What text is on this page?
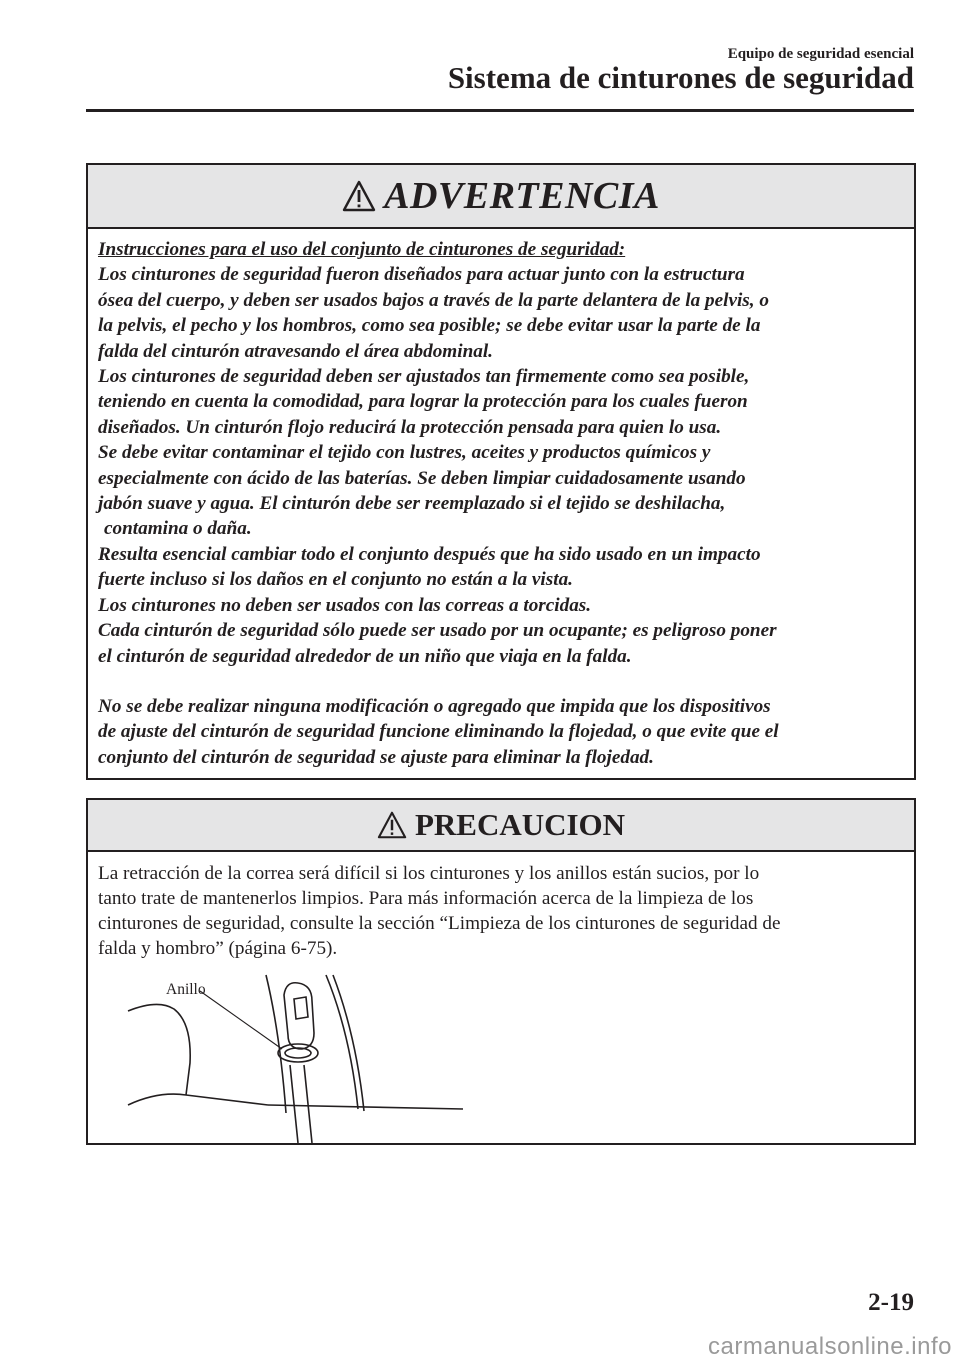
Equipo de seguridad esencial
Sistema de cinturones de seguridad
ADVERTENCIA

Instrucciones para el uso del conjunto de cinturones de seguridad:

Los cinturones de seguridad fueron diseñados para actuar junto con la estructura

ósea del cuerpo, y deben ser usados bajos a través de la parte delantera de la pelvis, o

la pelvis, el pecho y los hombros, como sea posible; se debe evitar usar la parte de la

falda del cinturón atravesando el área abdominal.

Los cinturones de seguridad deben ser ajustados tan firmemente como sea posible,

teniendo en cuenta la comodidad, para lograr la protección para los cuales fueron

diseñados. Un cinturón flojo reducirá la protección pensada para quien lo usa.

Se debe evitar contaminar el tejido con lustres, aceites y productos químicos y

especialmente con ácido de las baterías. Se deben limpiar cuidadosamente usando

jabón suave y agua. El cinturón debe ser reemplazado si el tejido se deshilacha,

contamina o daña.

Resulta esencial cambiar todo el conjunto después que ha sido usado en un impacto

fuerte incluso si los daños en el conjunto no están a la vista.

Los cinturones no deben ser usados con las correas a torcidas.

Cada cinturón de seguridad sólo puede ser usado por un ocupante; es peligroso poner

el cinturón de seguridad alrededor de un niño que viaja en la falda.

No se debe realizar ninguna modificación o agregado que impida que los dispositivos

de ajuste del cinturón de seguridad funcione eliminando la flojedad, o que evite que el

conjunto del cinturón de seguridad se ajuste para eliminar la flojedad.

PRECAUCION

La retracción de la correa será difícil si los cinturones y los anillos están sucios, por lo

tanto trate de mantenerlos limpios. Para más información acerca de la limpieza de los

cinturones de seguridad, consulte la sección “Limpieza de los cinturones de seguridad de

falda y hombro” (página 6-75).

Anillo
2-19
carmanualsonline.info
